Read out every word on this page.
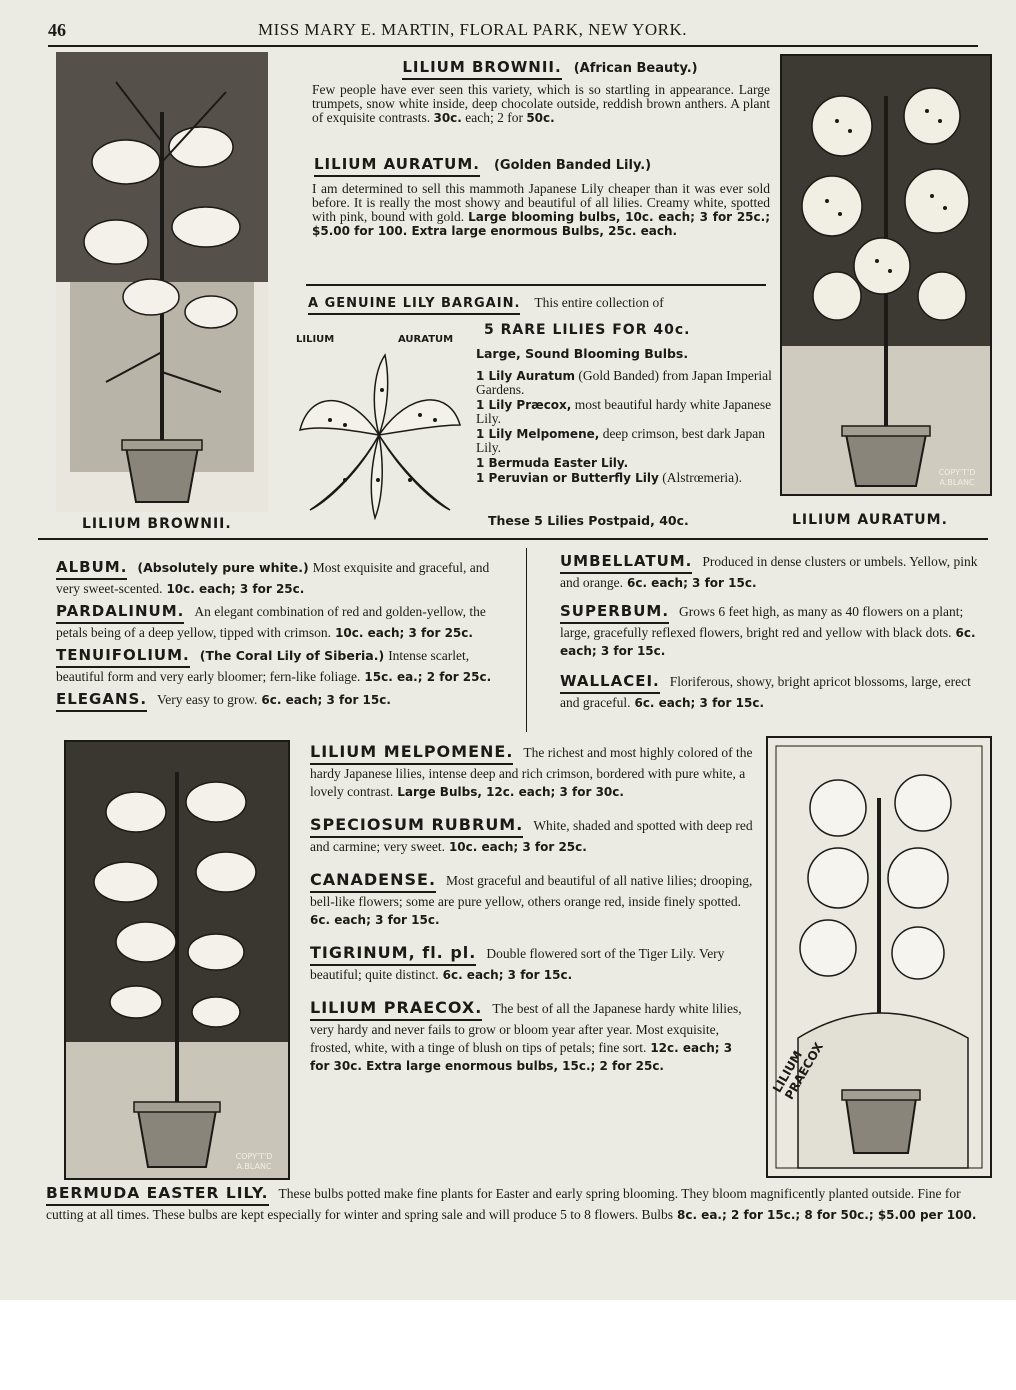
46	MISS MARY E. MARTIN, FLORAL PARK, NEW YORK.
LILIUM BROWNII.
COPY'T'D A.BLANC
LILIUM AURATUM.
LILIUM BROWNII. (African Beauty.)
Few people have ever seen this variety, which is so startling in appearance. Large trumpets, snow white inside, deep chocolate outside, reddish brown anthers. A plant of exquisite contrasts. 30c. each; 2 for 50c.
LILIUM AURATUM. (Golden Banded Lily.)
I am determined to sell this mammoth Japanese Lily cheaper than it was ever sold before. It is really the most showy and beautiful of all lilies. Creamy white, spotted with pink, bound with gold. Large blooming bulbs, 10c. each; 3 for 25c.; $5.00 for 100. Extra large enormous Bulbs, 25c. each.
A GENUINE LILY BARGAIN. This entire collection of
LILIUM	AURATUM
5 RARE LILIES FOR 40c.
Large, Sound Blooming Bulbs.
1 Lily Auratum (Gold Banded) from Japan Imperial Gardens.
1 Lily Præcox, most beautiful hardy white Japanese Lily.
1 Lily Melpomene, deep crimson, best dark Japan Lily.
1 Bermuda Easter Lily.
1 Peruvian or Butterfly Lily (Alstrœmeria).
These 5 Lilies Postpaid, 40c.
ALBUM. (Absolutely pure white.) Most exquisite and graceful, and very sweet-scented. 10c. each; 3 for 25c.
PARDALINUM. An elegant combination of red and golden-yellow, the petals being of a deep yellow, tipped with crimson. 10c. each; 3 for 25c.
TENUIFOLIUM. (The Coral Lily of Siberia.) Intense scarlet, beautiful form and very early bloomer; fern-like foliage. 15c. ea.; 2 for 25c.
ELEGANS. Very easy to grow. 6c. each; 3 for 15c.
UMBELLATUM. Produced in dense clusters or umbels. Yellow, pink and orange. 6c. each; 3 for 15c.
SUPERBUM. Grows 6 feet high, as many as 40 flowers on a plant; large, gracefully reflexed flowers, bright red and yellow with black dots. 6c. each; 3 for 15c.
WALLACEI. Floriferous, showy, bright apricot blossoms, large, erect and graceful. 6c. each; 3 for 15c.
COPY'T'D A.BLANC
LILIUM PRAECOX
LILIUM MELPOMENE. The richest and most highly colored of the hardy Japanese lilies, intense deep and rich crimson, bordered with pure white, a lovely contrast. Large Bulbs, 12c. each; 3 for 30c.
SPECIOSUM RUBRUM. White, shaded and spotted with deep red and carmine; very sweet. 10c. each; 3 for 25c.
CANADENSE. Most graceful and beautiful of all native lilies; drooping, bell-like flowers; some are pure yellow, others orange red, inside finely spotted. 6c. each; 3 for 15c.
TIGRINUM, fl. pl. Double flowered sort of the Tiger Lily. Very beautiful; quite distinct. 6c. each; 3 for 15c.
LILIUM PRAECOX. The best of all the Japanese hardy white lilies, very hardy and never fails to grow or bloom year after year. Most exquisite, frosted, white, with a tinge of blush on tips of petals; fine sort. 12c. each; 3 for 30c. Extra large enormous bulbs, 15c.; 2 for 25c.
BERMUDA EASTER LILY. These bulbs potted make fine plants for Easter and early spring blooming. They bloom magnificently planted outside. Fine for cutting at all times. These bulbs are kept especially for winter and spring sale and will produce 5 to 8 flowers. Bulbs 8c. ea.; 2 for 15c.; 8 for 50c.; $5.00 per 100.
